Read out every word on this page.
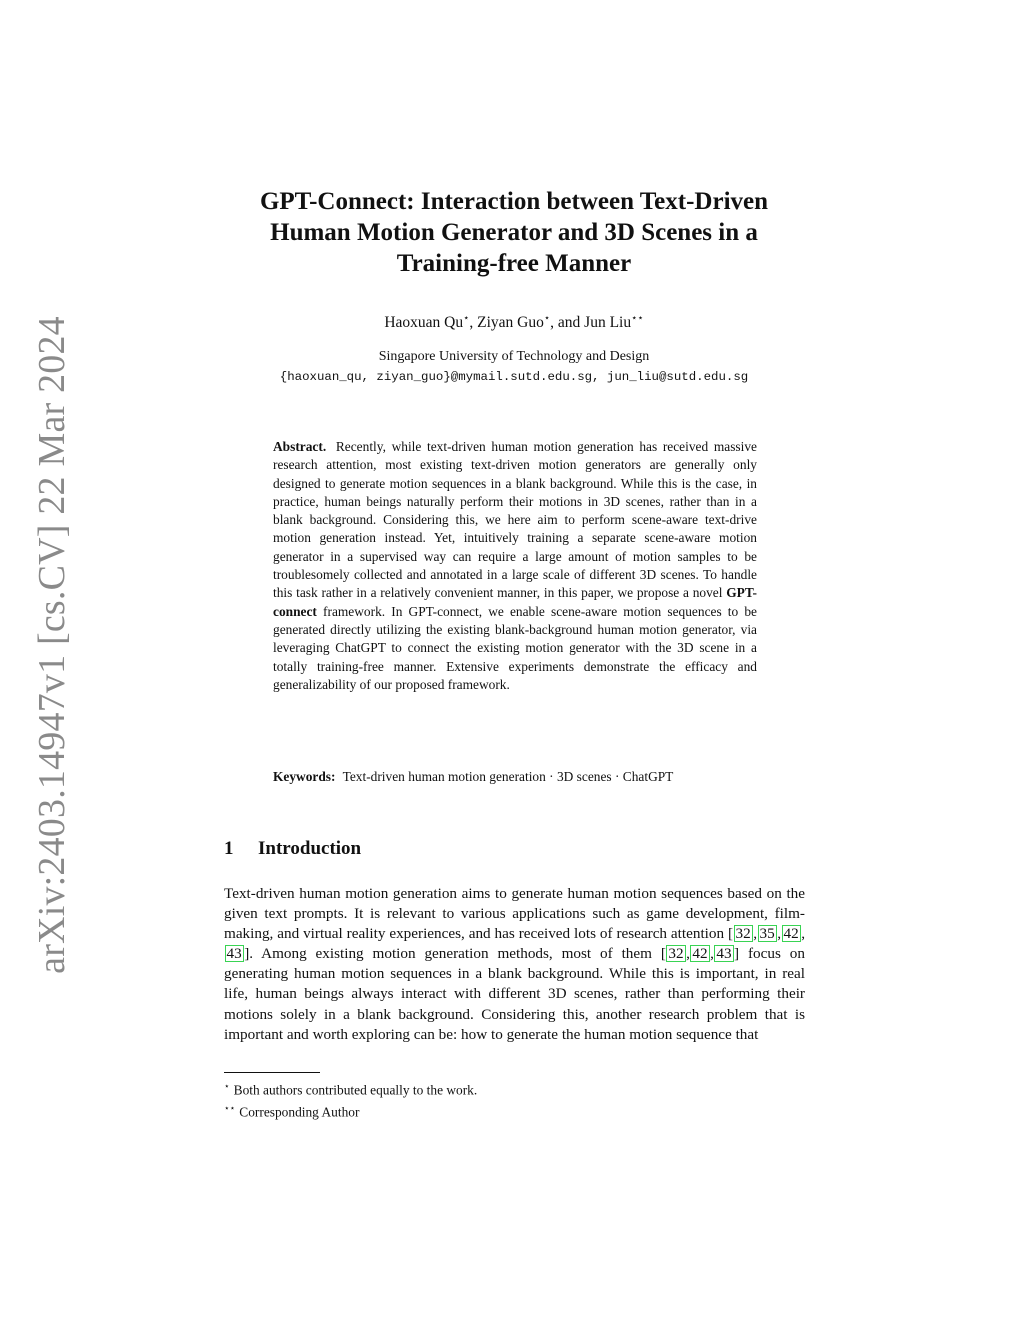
arXiv:2403.14947v1 [cs.CV] 22 Mar 2024
GPT-Connect: Interaction between Text-Driven
Human Motion Generator and 3D Scenes in a
Training-free Manner
Haoxuan Qu⋆, Ziyan Guo⋆, and Jun Liu⋆⋆
Singapore University of Technology and Design
{haoxuan_qu, ziyan_guo}@mymail.sutd.edu.sg, jun_liu@sutd.edu.sg
Abstract. Recently, while text-driven human motion generation has received massive research attention, most existing text-driven motion generators are generally only designed to generate motion sequences in a blank background. While this is the case, in practice, human beings naturally perform their motions in 3D scenes, rather than in a blank background. Considering this, we here aim to perform scene-aware text-drive motion generation instead. Yet, intuitively training a separate scene-aware motion generator in a supervised way can require a large amount of motion samples to be troublesomely collected and annotated in a large scale of different 3D scenes. To handle this task rather in a relatively convenient manner, in this paper, we propose a novel GPT-connect framework. In GPT-connect, we enable scene-aware motion sequences to be generated directly utilizing the existing blank-background human motion generator, via leveraging ChatGPT to connect the existing motion generator with the 3D scene in a totally training-free manner. Extensive experiments demonstrate the efficacy and generalizability of our proposed framework.
Keywords: Text-driven human motion generation · 3D scenes · ChatGPT
1 Introduction
Text-driven human motion generation aims to generate human motion sequences based on the given text prompts. It is relevant to various applications such as game development, film-making, and virtual reality experiences, and has received lots of research attention [ 32 , 35 , 42 ,43 ]. Among existing motion generation methods, most of them [ 32 , 42 , 43 ] focus on generating human motion sequences in a blank background. While this is important, in real life, human beings always interact with different 3D scenes, rather than performing their motions solely in a blank background. Considering this, another research problem that is important and worth exploring can be: how to generate the human motion sequence that
⋆ Both authors contributed equally to the work.
⋆⋆ Corresponding Author
